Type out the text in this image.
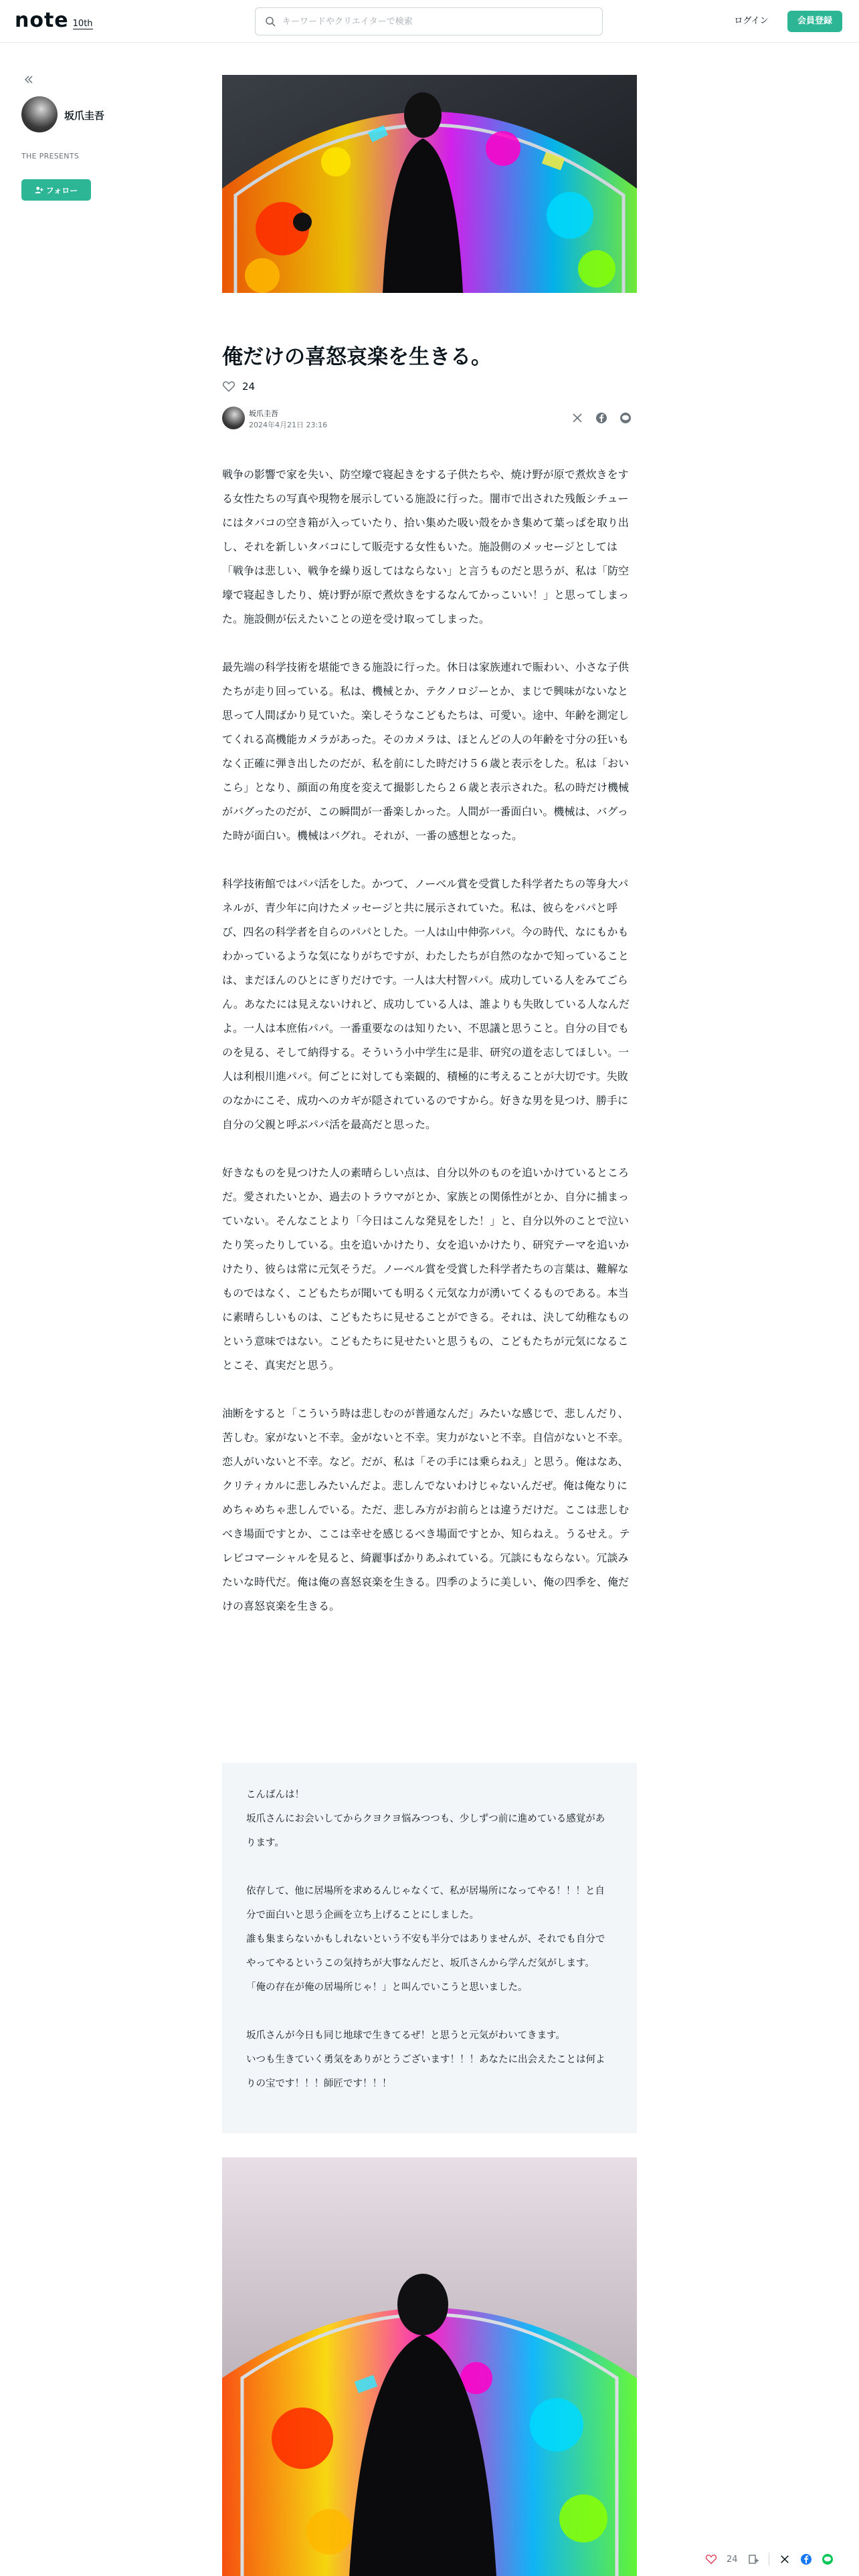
note 10th
キーワードやクリエイターで検索	ログイン	会員登録
坂爪圭吾
THE PRESENTS
フォロー
俺だけの喜怒哀楽を生きる。
24
坂爪圭吾
2024年4月21日 23:16

戦争の影響で家を失い、防空壕で寝起きをする子供たちや、焼け野が原で煮炊きをする女性たちの写真や現物を展示している施設に行った。闇市で出された残飯シチューにはタバコの空き箱が入っていたり、拾い集めた吸い殻をかき集めて葉っぱを取り出し、それを新しいタバコにして販売する女性もいた。施設側のメッセージとしては「戦争は悲しい、戦争を繰り返してはならない」と言うものだと思うが、私は「防空壕で寝起きしたり、焼け野が原で煮炊きをするなんてかっこいい！」と思ってしまった。施設側が伝えたいことの逆を受け取ってしまった。

最先端の科学技術を堪能できる施設に行った。休日は家族連れで賑わい、小さな子供たちが走り回っている。私は、機械とか、テクノロジーとか、まじで興味がないなと思って人間ばかり見ていた。楽しそうなこどもたちは、可愛い。途中、年齢を測定してくれる高機能カメラがあった。そのカメラは、ほとんどの人の年齢を寸分の狂いもなく正確に弾き出したのだが、私を前にした時だけ５６歳と表示をした。私は「おいこら」となり、顔面の角度を変えて撮影したら２６歳と表示された。私の時だけ機械がバグったのだが、この瞬間が一番楽しかった。人間が一番面白い。機械は、バグった時が面白い。機械はバグれ。それが、一番の感想となった。

科学技術館ではパパ活をした。かつて、ノーベル賞を受賞した科学者たちの等身大パネルが、青少年に向けたメッセージと共に展示されていた。私は、彼らをパパと呼び、四名の科学者を自らのパパとした。一人は山中伸弥パパ。今の時代、なにもかもわかっているような気になりがちですが、わたしたちが自然のなかで知っていることは、まだほんのひとにぎりだけです。一人は大村智パパ。成功している人をみてごらん。あなたには見えないけれど、成功している人は、誰よりも失敗している人なんだよ。一人は本庶佑パパ。一番重要なのは知りたい、不思議と思うこと。自分の目でものを見る、そして納得する。そういう小中学生に是非、研究の道を志してほしい。一人は利根川進パパ。何ごとに対しても楽観的、積極的に考えることが大切です。失敗のなかにこそ、成功へのカギが隠されているのですから。好きな男を見つけ、勝手に自分の父親と呼ぶパパ活を最高だと思った。

好きなものを見つけた人の素晴らしい点は、自分以外のものを追いかけているところだ。愛されたいとか、過去のトラウマがとか、家族との関係性がとか、自分に捕まっていない。そんなことより「今日はこんな発見をした！」と、自分以外のことで泣いたり笑ったりしている。虫を追いかけたり、女を追いかけたり、研究テーマを追いかけたり、彼らは常に元気そうだ。ノーベル賞を受賞した科学者たちの言葉は、難解なものではなく、こどもたちが聞いても明るく元気な力が湧いてくるものである。本当に素晴らしいものは、こどもたちに見せることができる。それは、決して幼稚なものという意味ではない。こどもたちに見せたいと思うもの、こどもたちが元気になることこそ、真実だと思う。

油断をすると「こういう時は悲しむのが普通なんだ」みたいな感じで、悲しんだり、苦しむ。家がないと不幸。金がないと不幸。実力がないと不幸。自信がないと不幸。恋人がいないと不幸。など。だが、私は「その手には乗らねえ」と思う。俺はなあ、クリティカルに悲しみたいんだよ。悲しんでないわけじゃないんだぜ。俺は俺なりにめちゃめちゃ悲しんでいる。ただ、悲しみ方がお前らとは違うだけだ。ここは悲しむべき場面ですとか、ここは幸せを感じるべき場面ですとか、知らねえ。うるせえ。テレビコマーシャルを見ると、綺麗事ばかりあふれている。冗談にもならない。冗談みたいな時代だ。俺は俺の喜怒哀楽を生きる。四季のように美しい、俺の四季を、俺だけの喜怒哀楽を生きる。

こんばんは！

坂爪さんにお会いしてからクヨクヨ悩みつつも、少しずつ前に進めている感覚があります。

依存して、他に居場所を求めるんじゃなくて、私が居場所になってやる！！！と自分で面白いと思う企画を立ち上げることにしました。

誰も集まらないかもしれないという不安も半分ではありませんが、それでも自分でやってやるというこの気持ちが大事なんだと、坂爪さんから学んだ気がします。

「俺の存在が俺の居場所じゃ！」と叫んでいこうと思いました。

坂爪さんが今日も同じ地球で生きてるぜ！と思うと元気がわいてきます。

いつも生きていく勇気をありがとうございます！！！あなたに出会えたことは何よりの宝です！！！師匠です！！！

24
